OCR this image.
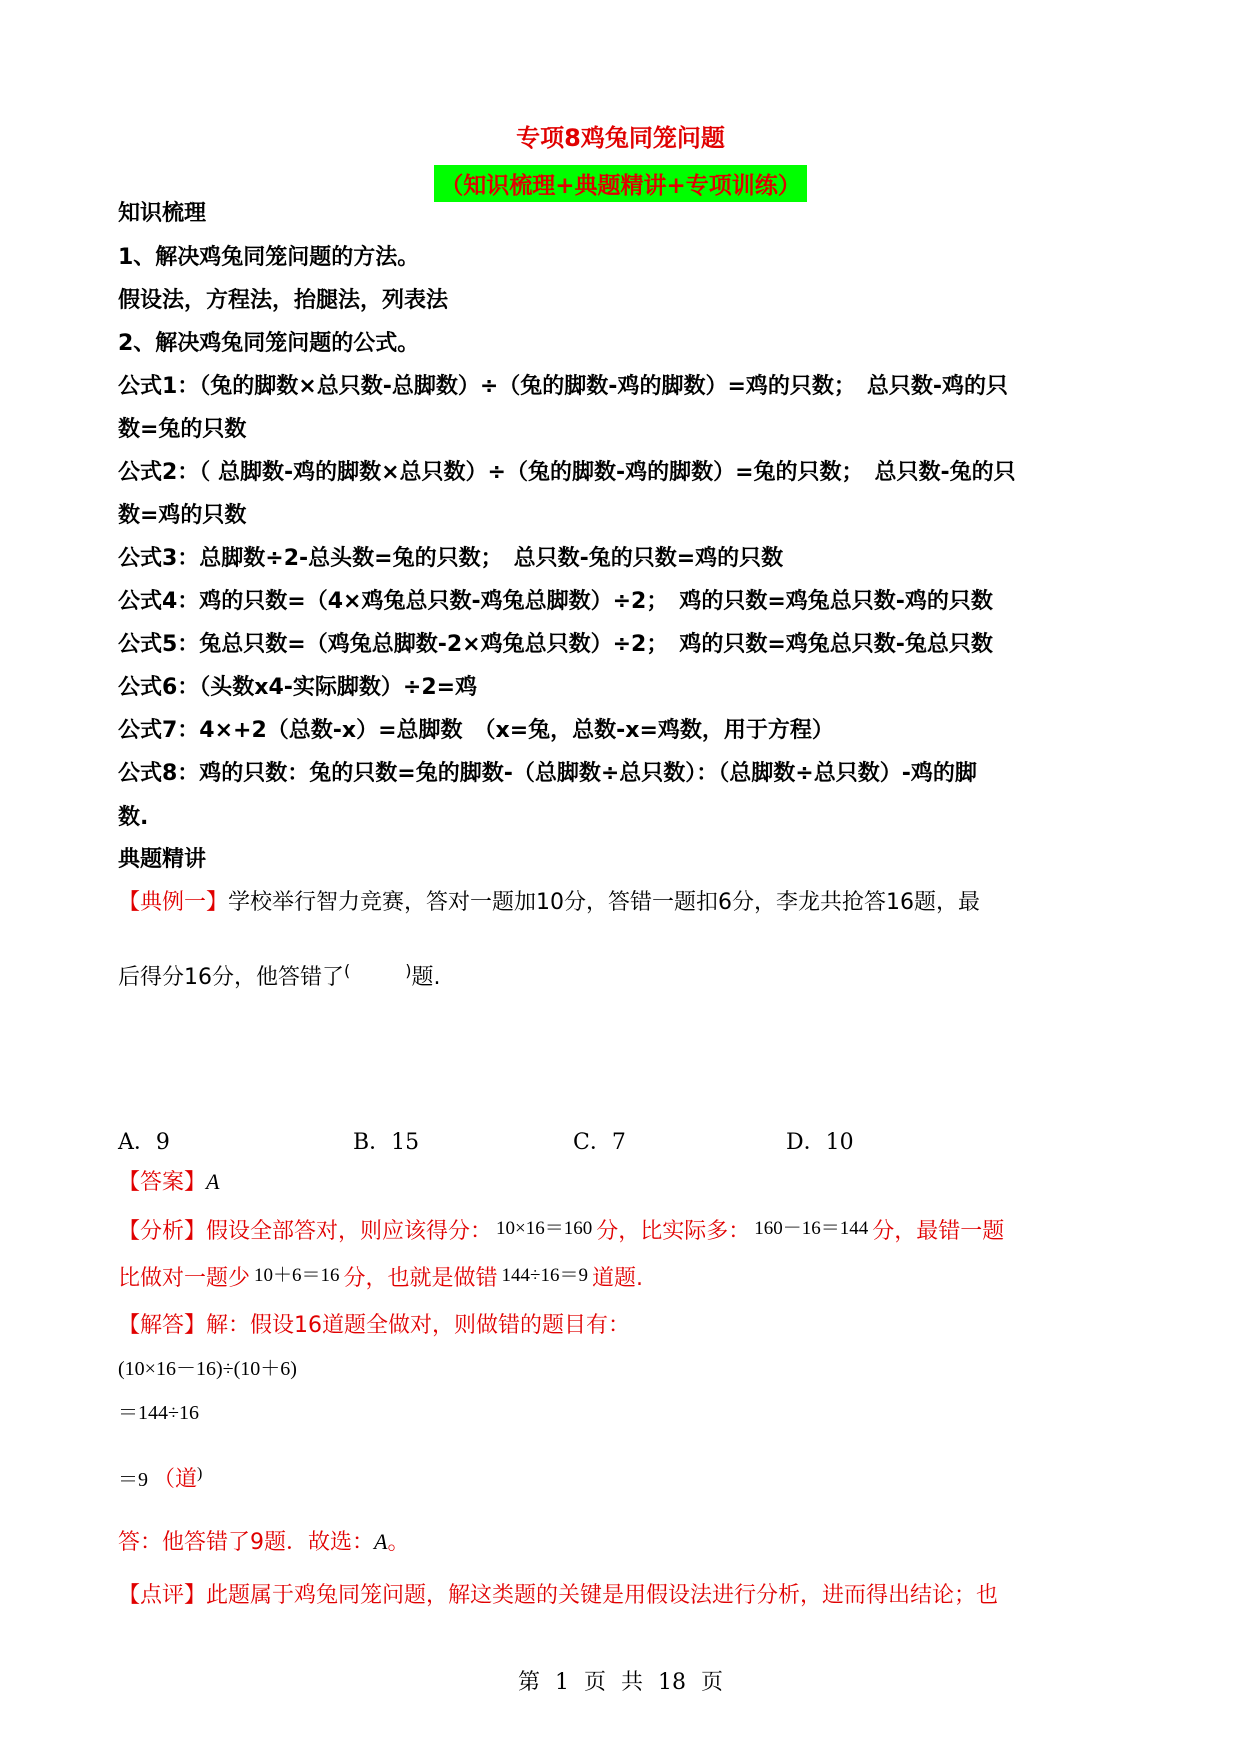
专项8鸡兔同笼问题
（知识梳理+典题精讲+专项训练）
知识梳理
1、解决鸡兔同笼问题的方法。
假设法，方程法，抬腿法，列表法
2、解决鸡兔同笼问题的公式。
公式1：（兔的脚数×总只数-总脚数）÷（兔的脚数-鸡的脚数）=鸡的只数；　总只数-鸡的只
数=兔的只数
公式2：（ 总脚数-鸡的脚数×总只数）÷（兔的脚数-鸡的脚数）=兔的只数；　总只数-兔的只
数=鸡的只数
公式3：总脚数÷2-总头数=兔的只数；　总只数-兔的只数=鸡的只数
公式4：鸡的只数=（4×鸡兔总只数-鸡兔总脚数）÷2；　鸡的只数=鸡兔总只数-鸡的只数
公式5：兔总只数=（鸡兔总脚数-2×鸡兔总只数）÷2；　鸡的只数=鸡兔总只数-兔总只数
公式6：（头数x4-实际脚数）÷2=鸡
公式7：4×+2（总数-x）=总脚数　（x=兔，总数-x=鸡数，用于方程）
公式8：鸡的只数：兔的只数=兔的脚数-（总脚数÷总只数）：（总脚数÷总只数）-鸡的脚
数.
典题精讲
【典例一】学校举行智力竞赛，答对一题加10分，答错一题扣6分，李龙共抢答16题，最
后得分16分，他答错了(	)题.
A．9	B．15	C．7	D．10
【答案】A
【分析】假设全部答对，则应该得分： 10×16＝160 分，比实际多： 160－16＝144 分，最错一题
比做对一题少 10＋6＝16 分，也就是做错 144÷16＝9 道题.
【解答】解：假设16道题全做对，则做错的题目有：
(10×16－16)÷(10＋6)
＝144÷16
＝9 （道)
答：他答错了9题．故选：A。
【点评】此题属于鸡兔同笼问题，解这类题的关键是用假设法进行分析，进而得出结论；也
第 1 页 共 18 页
